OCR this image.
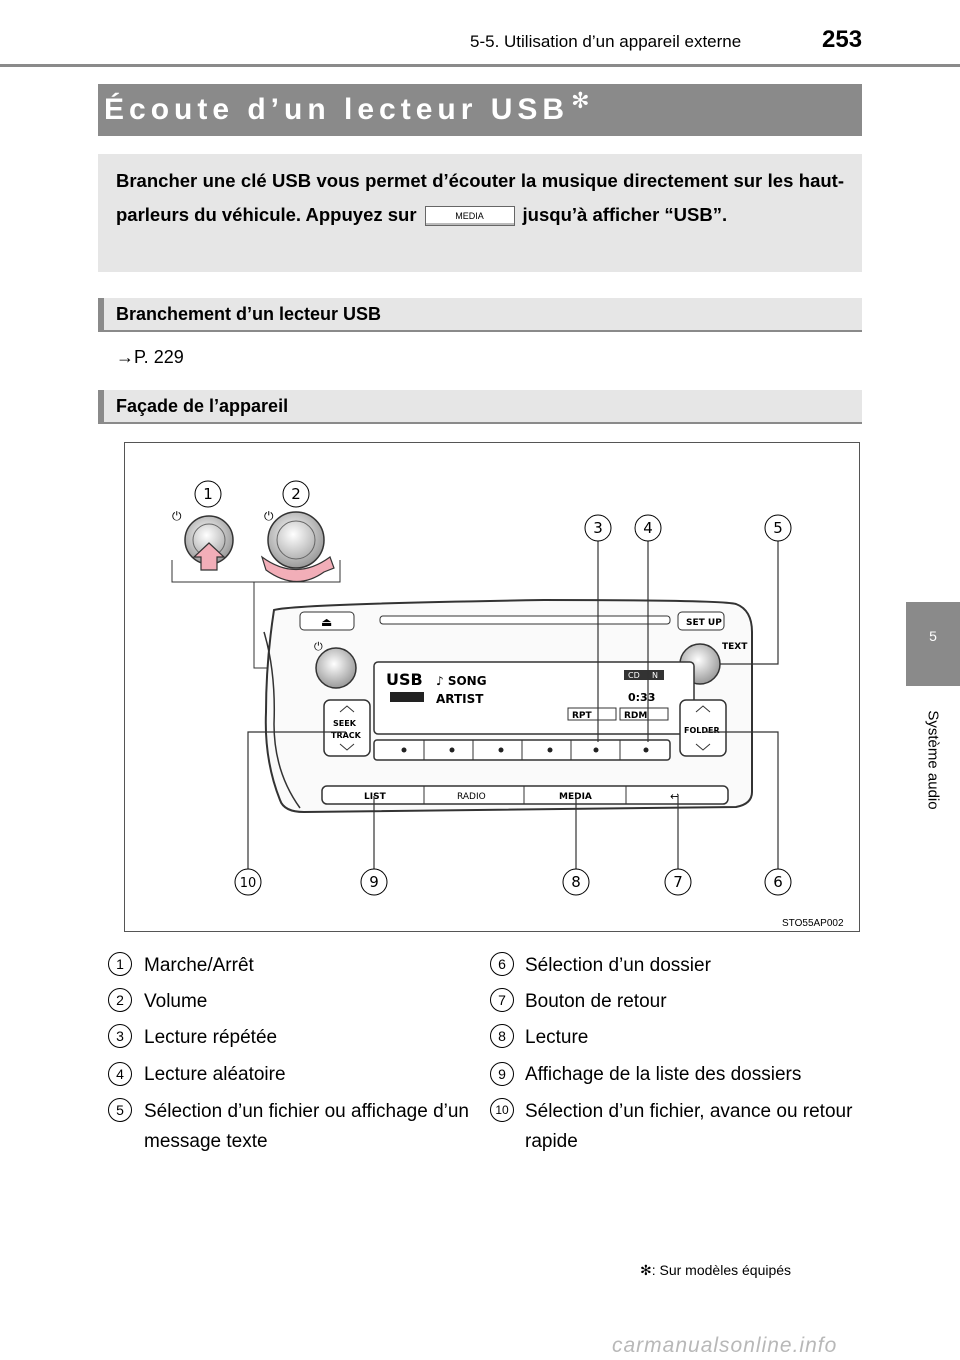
5-5. Utilisation d’un appareil externe	253
5
Système audio
Écoute d’un lecteur USB✻
Brancher une clé USB vous permet d’écouter la musique directement sur les haut-parleurs du véhicule. Appuyez sur	MEDIA jusqu’à afficher “USB”.
Branchement d’un lecteur USB
→P. 229
Façade de l’appareil
⏻	⏻
⏏	SET UP
TEXT
⏻
USB ♪ SONG
ARTIST
CD N
0:33
RPT	RDM
SEEK
TRACK
FOLDER
LIST	RADIO	MEDIA	↩
1	2
3	4	5
6
7
8
9
10
STO55AP002
1	Marche/Arrêt
2	Volume
3	Lecture répétée
4	Lecture aléatoire
5	Sélection d’un fichier ou affichage d’un message texte
6	Sélection d’un dossier
7	Bouton de retour
8	Lecture
9	Affichage de la liste des dossiers
10 Sélection d’un fichier, avance ou retour rapide
✻: Sur modèles équipés
carmanualsonline.info
